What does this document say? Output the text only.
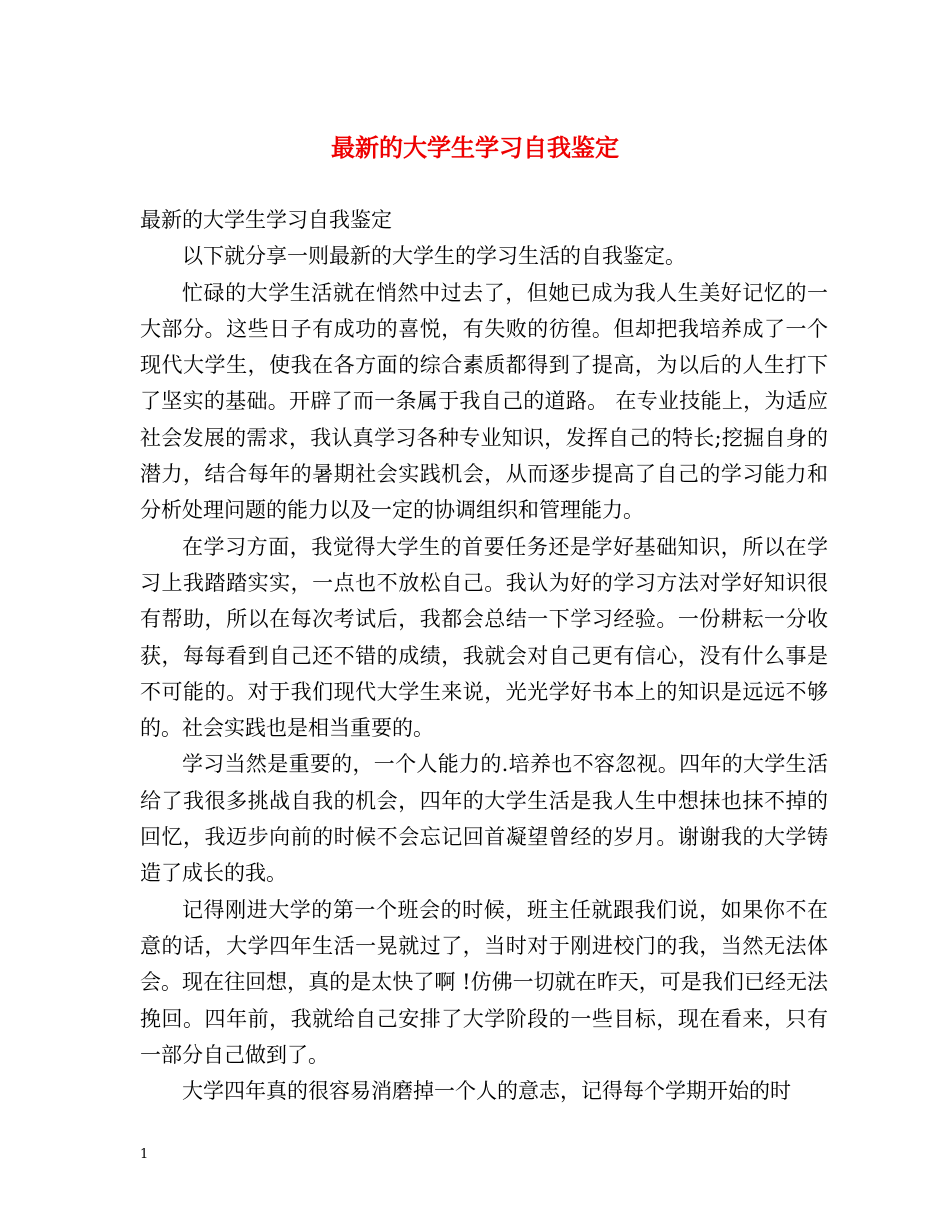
最新的大学生学习自我鉴定

最新的大学生学习自我鉴定

以下就分享一则最新的大学生的学习生活的自我鉴定。

忙碌的大学生活就在悄然中过去了，但她已成为我人生美好记忆的一大部分。这些日子有成功的喜悦，有失败的彷徨。但却把我培养成了一个现代大学生，使我在各方面的综合素质都得到了提高，为以后的人生打下了坚实的基础。开辟了而一条属于我自己的道路。 在专业技能上，为适应社会发展的需求，我认真学习各种专业知识，发挥自己的特长;挖掘自身的潜力，结合每年的暑期社会实践机会，从而逐步提高了自己的学习能力和分析处理问题的能力以及一定的协调组织和管理能力。

在学习方面，我觉得大学生的首要任务还是学好基础知识，所以在学习上我踏踏实实，一点也不放松自己。我认为好的学习方法对学好知识很有帮助，所以在每次考试后，我都会总结一下学习经验。一份耕耘一分收获，每每看到自己还不错的成绩，我就会对自己更有信心，没有什么事是不可能的。对于我们现代大学生来说，光光学好书本上的知识是远远不够的。社会实践也是相当重要的。

学习当然是重要的，一个人能力的.培养也不容忽视。四年的大学生活给了我很多挑战自我的机会，四年的大学生活是我人生中想抹也抹不掉的回忆，我迈步向前的时候不会忘记回首凝望曾经的岁月。谢谢我的大学铸造了成长的我。

记得刚进大学的第一个班会的时候，班主任就跟我们说，如果你不在意的话，大学四年生活一晃就过了，当时对于刚进校门的我，当然无法体会。现在往回想，真的是太快了啊 !仿佛一切就在昨天，可是我们已经无法挽回。四年前，我就给自己安排了大学阶段的一些目标，现在看来，只有一部分自己做到了。

大学四年真的很容易消磨掉一个人的意志，记得每个学期开始的时

1
